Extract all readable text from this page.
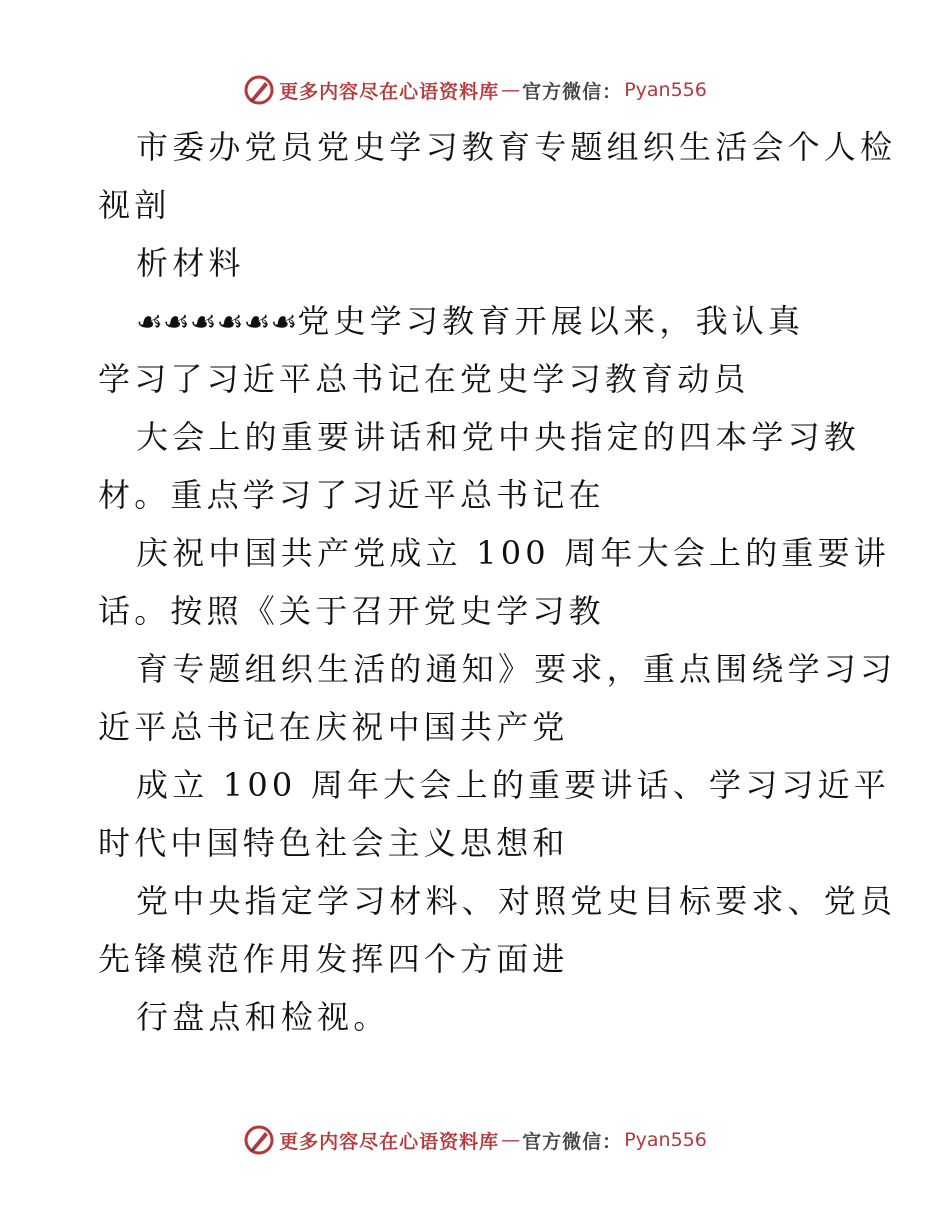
更多内容尽在心语资料库 — 官方微信： Pyan556
市委办党员党史学习教育专题组织生活会个人检
视剖
析材料
☙☙☙☙☙☙党史学习教育开展以来，我认真
学习了习近平总书记在党史学习教育动员
大会上的重要讲话和党中央指定的四本学习教
材。重点学习了习近平总书记在
庆祝中国共产党成立 100 周年大会上的重要讲
话。按照《关于召开党史学习教
育专题组织生活的通知》要求，重点围绕学习习
近平总书记在庆祝中国共产党
成立 100 周年大会上的重要讲话、学习习近平
时代中国特色社会主义思想和
党中央指定学习材料、对照党史目标要求、党员
先锋模范作用发挥四个方面进
行盘点和检视。
更多内容尽在心语资料库 — 官方微信： Pyan556
